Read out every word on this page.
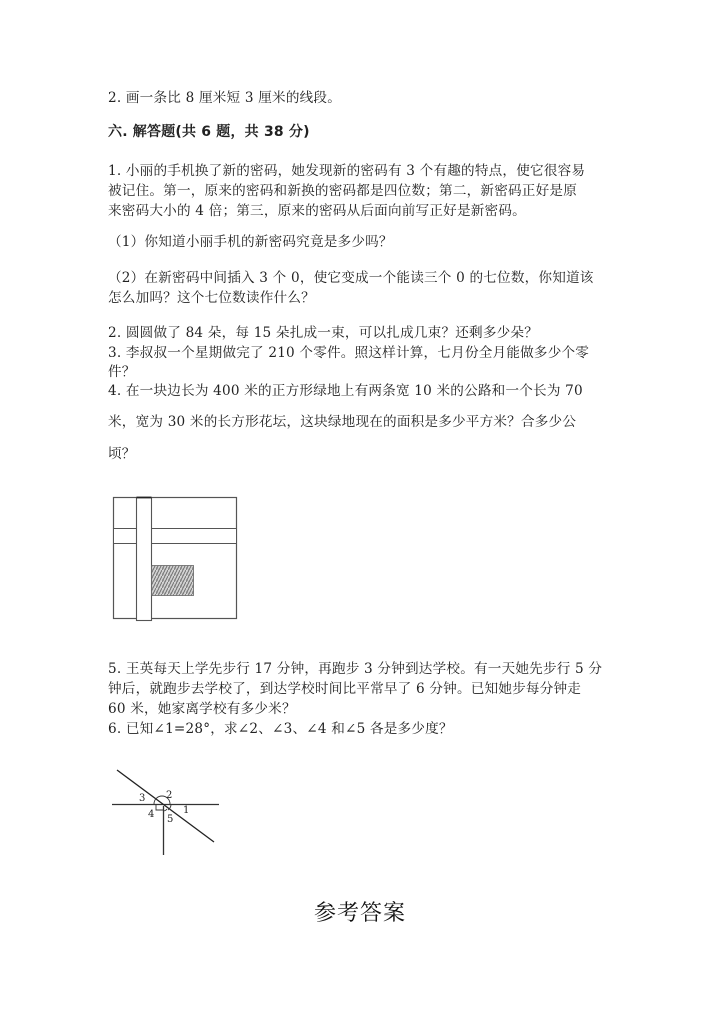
2. 画一条比 8 厘米短 3 厘米的线段。
六. 解答题(共 6 题，共 38 分)
1. 小丽的手机换了新的密码，她发现新的密码有 3 个有趣的特点，使它很容易
被记住。第一，原来的密码和新换的密码都是四位数；第二，新密码正好是原
来密码大小的 4 倍；第三，原来的密码从后面向前写正好是新密码。
（1）你知道小丽手机的新密码究竟是多少吗？
（2）在新密码中间插入 3 个 0，使它变成一个能读三个 0 的七位数，你知道该
怎么加吗？这个七位数读作什么？
2. 圆圆做了 84 朵，每 15 朵扎成一束，可以扎成几束？还剩多少朵？
3. 李叔叔一个星期做完了 210 个零件。照这样计算，七月份全月能做多少个零
件？
4. 在一块边长为 400 米的正方形绿地上有两条宽 10 米的公路和一个长为 70
米，宽为 30 米的长方形花坛，这块绿地现在的面积是多少平方米？合多少公
顷？
5. 王英每天上学先步行 17 分钟，再跑步 3 分钟到达学校。有一天她先步行 5 分
钟后，就跑步去学校了，到达学校时间比平常早了 6 分钟。已知她步每分钟走
60 米，她家离学校有多少米？
6. 已知∠1=28°，求∠2、∠3、∠4 和∠5 各是多少度？
3 2
4	1
5
参考答案
